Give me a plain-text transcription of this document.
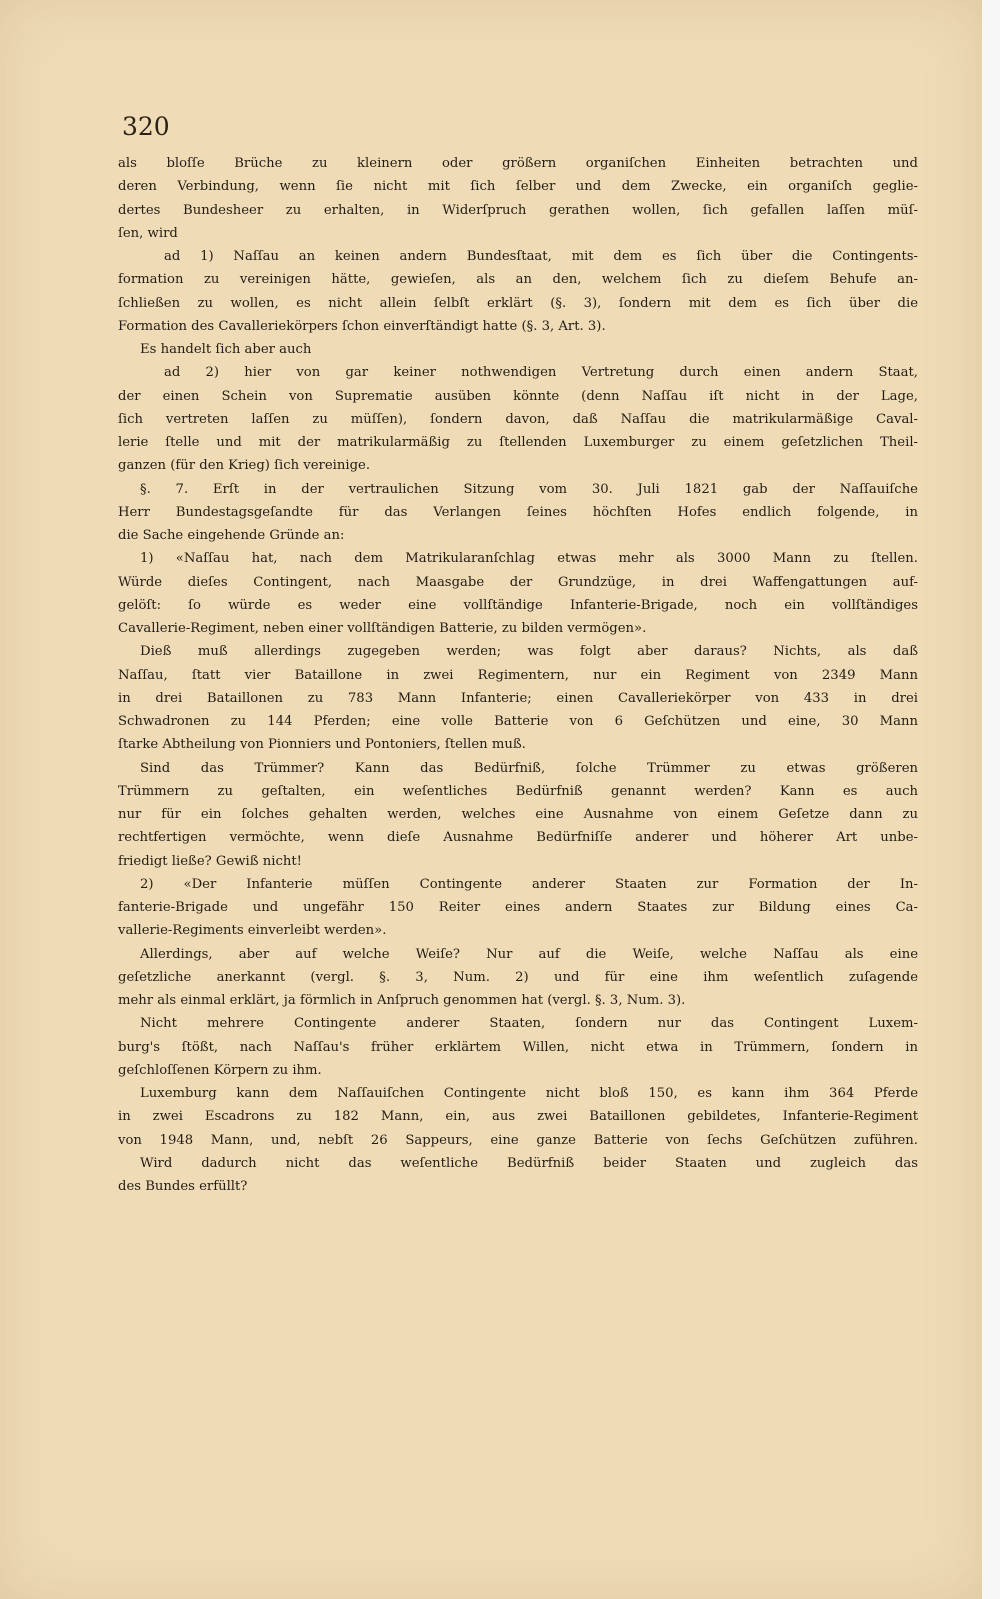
320
als bloſſe Brüche zu kleinern oder größern organiſchen Einheiten betrachten und
deren Verbindung, wenn ſie nicht mit ſich ſelber und dem Zwecke, ein organiſch geglie-
dertes Bundesheer zu erhalten, in Widerſpruch gerathen wollen, ſich gefallen laſſen müſ-
ſen, wird
ad 1) Naſſau an keinen andern Bundesſtaat, mit dem es ſich über die Contingents-
formation zu vereinigen hätte, gewieſen, als an den, welchem ſich zu dieſem Behufe an-
ſchließen zu wollen, es nicht allein ſelbſt erklärt (§. 3), ſondern mit dem es ſich über die
Formation des Cavalleriekörpers ſchon einverſtändigt hatte (§. 3, Art. 3).
Es handelt ſich aber auch
ad 2) hier von gar keiner nothwendigen Vertretung durch einen andern Staat,
der einen Schein von Suprematie ausüben könnte (denn Naſſau iſt nicht in der Lage,
ſich vertreten laſſen zu müſſen), ſondern davon, daß Naſſau die matrikularmäßige Caval-
lerie ſtelle und mit der matrikularmäßig zu ſtellenden Luxemburger zu einem geſetzlichen Theil-
ganzen (für den Krieg) ſich vereinige.
§. 7. Erſt in der vertraulichen Sitzung vom 30. Juli 1821 gab der Naſſauiſche
Herr Bundestagsgeſandte für das Verlangen ſeines höchſten Hofes endlich folgende, in
die Sache eingehende Gründe an:
1) «Naſſau hat, nach dem Matrikularanſchlag etwas mehr als 3000 Mann zu ſtellen.
Würde dieſes Contingent, nach Maasgabe der Grundzüge, in drei Waffengattungen auf-
gelöſt: ſo würde es weder eine vollſtändige Infanterie-Brigade, noch ein vollſtändiges
Cavallerie-Regiment, neben einer vollſtändigen Batterie, zu bilden vermögen».
Dieß muß allerdings zugegeben werden; was folgt aber daraus? Nichts, als daß
Naſſau, ſtatt vier Bataillone in zwei Regimentern, nur ein Regiment von 2349 Mann
in drei Bataillonen zu 783 Mann Infanterie; einen Cavalleriekörper von 433 in drei
Schwadronen zu 144 Pferden; eine volle Batterie von 6 Geſchützen und eine, 30 Mann
ſtarke Abtheilung von Pionniers und Pontoniers, ſtellen muß.
Sind das Trümmer? Kann das Bedürfniß, ſolche Trümmer zu etwas größeren
Trümmern zu geſtalten, ein weſentliches Bedürfniß genannt werden? Kann es auch
nur für ein ſolches gehalten werden, welches eine Ausnahme von einem Geſetze dann zu
rechtfertigen vermöchte, wenn dieſe Ausnahme Bedürfniſſe anderer und höherer Art unbe-
friedigt ließe? Gewiß nicht!
2) «Der Infanterie müſſen Contingente anderer Staaten zur Formation der In-
fanterie-Brigade und ungefähr 150 Reiter eines andern Staates zur Bildung eines Ca-
vallerie-Regiments einverleibt werden».
Allerdings, aber auf welche Weiſe? Nur auf die Weiſe, welche Naſſau als eine
geſetzliche anerkannt (vergl. §. 3, Num. 2) und für eine ihm weſentlich zuſagende
mehr als einmal erklärt, ja förmlich in Anſpruch genommen hat (vergl. §. 3, Num. 3).
Nicht mehrere Contingente anderer Staaten, ſondern nur das Contingent Luxem-
burg's ſtößt, nach Naſſau's früher erklärtem Willen, nicht etwa in Trümmern, ſondern in
geſchloſſenen Körpern zu ihm.
Luxemburg kann dem Naſſauiſchen Contingente nicht bloß 150, es kann ihm 364 Pferde
in zwei Escadrons zu 182 Mann, ein, aus zwei Bataillonen gebildetes, Infanterie-Regiment
von 1948 Mann, und, nebſt 26 Sappeurs, eine ganze Batterie von ſechs Geſchützen zuführen.
Wird dadurch nicht das weſentliche Bedürfniß beider Staaten und zugleich das
des Bundes erfüllt?
